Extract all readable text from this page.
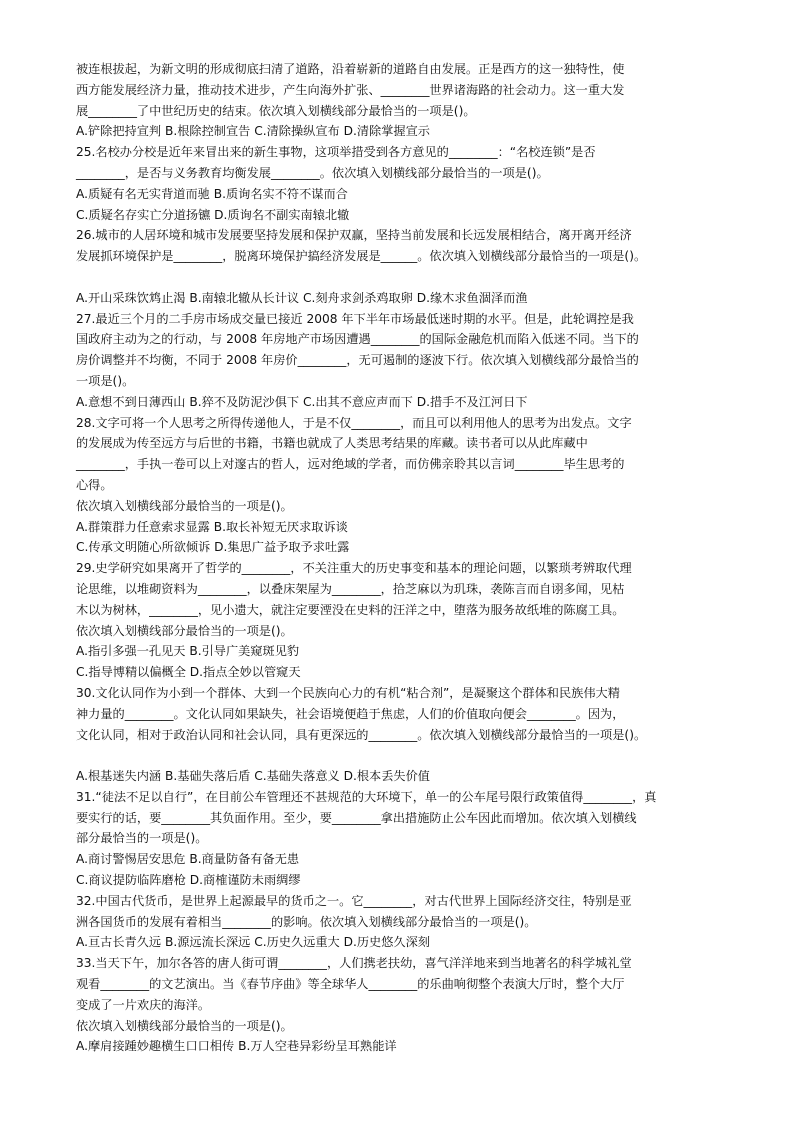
被连根拔起，为新文明的形成彻底扫清了道路，沿着崭新的道路自由发展。正是西方的这一独特性，使
西方能发展经济力量，推动技术进步，产生向海外扩张、________世界诸海路的社会动力。这一重大发
展________了中世纪历史的结束。依次填入划横线部分最恰当的一项是()。
A.铲除把持宣判 B.根除控制宣告 C.清除操纵宣布 D.清除掌握宣示
25.名校办分校是近年来冒出来的新生事物，这项举措受到各方意见的________：“名校连锁”是否
________，是否与义务教育均衡发展________。依次填入划横线部分最恰当的一项是()。
A.质疑有名无实背道而驰 B.质询名实不符不谋而合
C.质疑名存实亡分道扬镳 D.质询名不副实南辕北辙
26.城市的人居环境和城市发展要坚持发展和保护双赢，坚持当前发展和长远发展相结合，离开离开经济
发展抓环境保护是________，脱离环境保护搞经济发展是______。依次填入划横线部分最恰当的一项是()。
A.开山采珠饮鸩止渴 B.南辕北辙从长计议 C.刻舟求剑杀鸡取卵 D.缘木求鱼涸泽而渔
27.最近三个月的二手房市场成交量已接近 2008 年下半年市场最低迷时期的水平。但是，此轮调控是我
国政府主动为之的行动，与 2008 年房地产市场因遭遇________的国际金融危机而陷入低迷不同。当下的
房价调整并不均衡，不同于 2008 年房价________，无可遏制的逐波下行。依次填入划横线部分最恰当的
一项是()。
A.意想不到日薄西山 B.猝不及防泥沙俱下 C.出其不意应声而下 D.措手不及江河日下
28.文字可将一个人思考之所得传递他人，于是不仅________，而且可以利用他人的思考为出发点。文字
的发展成为传至远方与后世的书籍，书籍也就成了人类思考结果的库藏。读书者可以从此库藏中
________，手执一卷可以上对邃古的哲人，远对绝域的学者，而仿佛亲聆其以言词________毕生思考的
心得。
依次填入划横线部分最恰当的一项是()。
A.群策群力任意索求显露 B.取长补短无厌求取诉谈
C.传承文明随心所欲倾诉 D.集思广益予取予求吐露
29.史学研究如果离开了哲学的________，不关注重大的历史事变和基本的理论问题，以繁琐考辨取代理
论思维，以堆砌资料为________，以叠床架屋为________，拾芝麻以为玑珠，袭陈言而自诩多闻，见枯
木以为树林，________，见小遗大，就注定要湮没在史料的汪洋之中，堕落为服务故纸堆的陈腐工具。
依次填入划横线部分最恰当的一项是()。
A.指引多强一孔见天 B.引导广美窥斑见豹
C.指导博精以偏概全 D.指点全妙以管窥天
30.文化认同作为小到一个群体、大到一个民族向心力的有机“粘合剂”，是凝聚这个群体和民族伟大精
神力量的________。文化认同如果缺失，社会语境便趋于焦虑，人们的价值取向便会________。因为，
文化认同，相对于政治认同和社会认同，具有更深远的________。依次填入划横线部分最恰当的一项是()。
A.根基迷失内涵 B.基础失落后盾 C.基础失落意义 D.根本丢失价值
31.“徒法不足以自行”，在目前公车管理还不甚规范的大环境下，单一的公车尾号限行政策值得________，真
要实行的话，要________其负面作用。至少，要________拿出措施防止公车因此而增加。依次填入划横线
部分最恰当的一项是()。
A.商讨警惕居安思危 B.商量防备有备无患
C.商议提防临阵磨枪 D.商榷谨防未雨绸缪
32.中国古代货币，是世界上起源最早的货币之一。它________，对古代世界上国际经济交往，特别是亚
洲各国货币的发展有着相当________的影响。依次填入划横线部分最恰当的一项是()。
A.亘古长青久远 B.源远流长深远 C.历史久远重大 D.历史悠久深刻
33.当天下午，加尔各答的唐人街可谓________，人们携老扶幼，喜气洋洋地来到当地著名的科学城礼堂
观看________的文艺演出。当《春节序曲》等全球华人________的乐曲响彻整个表演大厅时，整个大厅
变成了一片欢庆的海洋。
依次填入划横线部分最恰当的一项是()。
A.摩肩接踵妙趣横生口口相传 B.万人空巷异彩纷呈耳熟能详
